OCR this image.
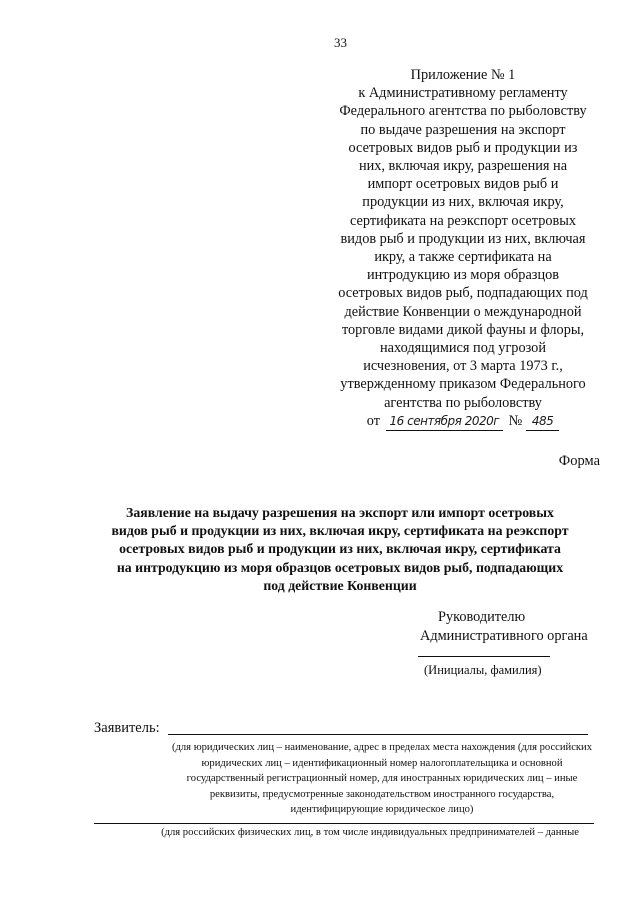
33
Приложение № 1
к Административному регламенту
Федерального агентства по рыболовству
по выдаче разрешения на экспорт
осетровых видов рыб и продукции из
них, включая икру, разрешения на
импорт осетровых видов рыб и
продукции из них, включая икру,
сертификата на реэкспорт осетровых
видов рыб и продукции из них, включая
икру, а также сертификата на
интродукцию из моря образцов
осетровых видов рыб, подпадающих под
действие Конвенции о международной
торговле видами дикой фауны и флоры,
находящимися под угрозой
исчезновения, от 3 марта 1973 г.,
утвержденному приказом Федерального
агентства по рыболовству
от 16 сентября 2020г № 485
Форма
Заявление на выдачу разрешения на экспорт или импорт осетровых
видов рыб и продукции из них, включая икру, сертификата на реэкспорт
осетровых видов рыб и продукции из них, включая икру, сертификата
на интродукцию из моря образцов осетровых видов рыб, подпадающих
под действие Конвенции
Руководителю
Административного органа
(Инициалы, фамилия)
Заявитель:
(для юридических лиц – наименование, адрес в пределах места нахождения (для российских
юридических лиц – идентификационный номер налогоплательщика и основной
государственный регистрационный номер, для иностранных юридических лиц – иные
реквизиты, предусмотренные законодательством иностранного государства,
идентифицирующие юридическое лицо)
(для российских физических лиц, в том числе индивидуальных предпринимателей – данные
